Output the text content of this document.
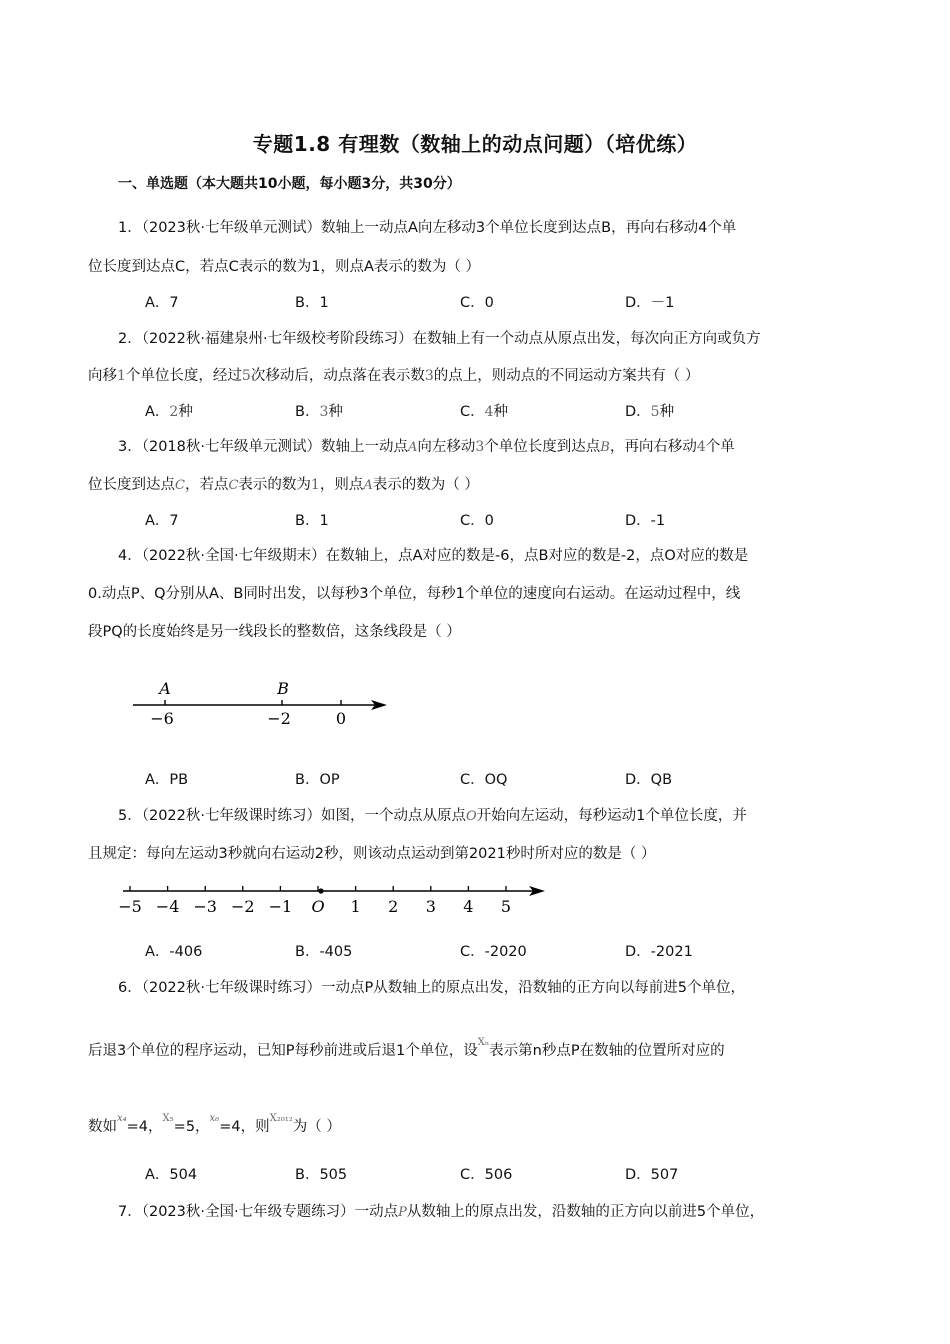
专题1.8 有理数（数轴上的动点问题）（培优练）
一、单选题（本大题共10小题，每小题3分，共30分）
1．（2023秋·七年级单元测试）数轴上一动点A向左移动3个单位长度到达点B，再向右移动4个单
位长度到达点C，若点C表示的数为1，则点A表示的数为（ ）
A．7	B．1	C．0	D．－1
2．（2022秋·福建泉州·七年级校考阶段练习）在数轴上有一个动点从原点出发，每次向正方向或负方
向移1个单位长度，经过5次移动后，动点落在表示数3的点上，则动点的不同运动方案共有（ ）
A．2种	B．3种	C．4种	D．5种
3．（2018秋·七年级单元测试）数轴上一动点A向左移动3个单位长度到达点B，再向右移动4个单
位长度到达点C，若点C表示的数为1，则点A表示的数为（ ）
A．7	B．1	C．0	D．-1
4．（2022秋·全国·七年级期末）在数轴上，点A对应的数是-6，点B对应的数是-2，点O对应的数是
0.动点P、Q分别从A、B同时出发，以每秒3个单位，每秒1个单位的速度向右运动。在运动过程中，线
段PQ的长度始终是另一线段长的整数倍，这条线段是（ ）
A	B
−6	−2	0
A．PB	B．OP	C．OQ	D．QB
5．（2022秋·七年级课时练习）如图，一个动点从原点O开始向左运动，每秒运动1个单位长度，并
且规定：每向左运动3秒就向右运动2秒，则该动点运动到第2021秒时所对应的数是（ ）
−5 −4 −3 −2 −1 O 1 2 3 4 5
A．-406	B．-405	C．-2020	D．-2021
6．（2022秋·七年级课时练习）一动点P从数轴上的原点出发，沿数轴的正方向以每前进5个单位，
后退3个单位的程序运动，已知P每秒前进或后退1个单位，设$^{X_n}$表示第n秒点P在数轴的位置所对应的
数如$^{x_4}$=4，$^{X_5}$=5，$^{x_6}$=4，则$^{X_{2012}}$为（ ）
A．504	B．505	C．506	D．507
7．（2023秋·全国·七年级专题练习）一动点P从数轴上的原点出发，沿数轴的正方向以前进5个单位，
